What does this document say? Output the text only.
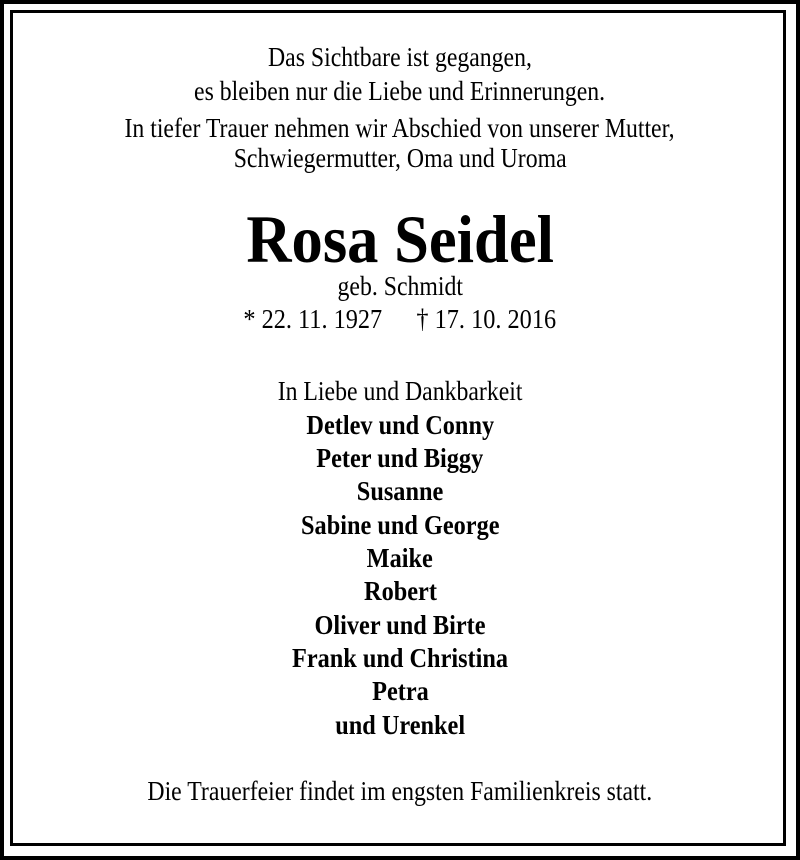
Das Sichtbare ist gegangen,
es bleiben nur die Liebe und Erinnerungen.
In tiefer Trauer nehmen wir Abschied von unserer Mutter,
Schwiegermutter, Oma und Uroma
Rosa Seidel
geb. Schmidt
* 22. 11. 1927 † 17. 10. 2016
In Liebe und Dankbarkeit
Detlev und Conny
Peter und Biggy
Susanne
Sabine und George
Maike
Robert
Oliver und Birte
Frank und Christina
Petra
und Urenkel
Die Trauerfeier findet im engsten Familienkreis statt.
